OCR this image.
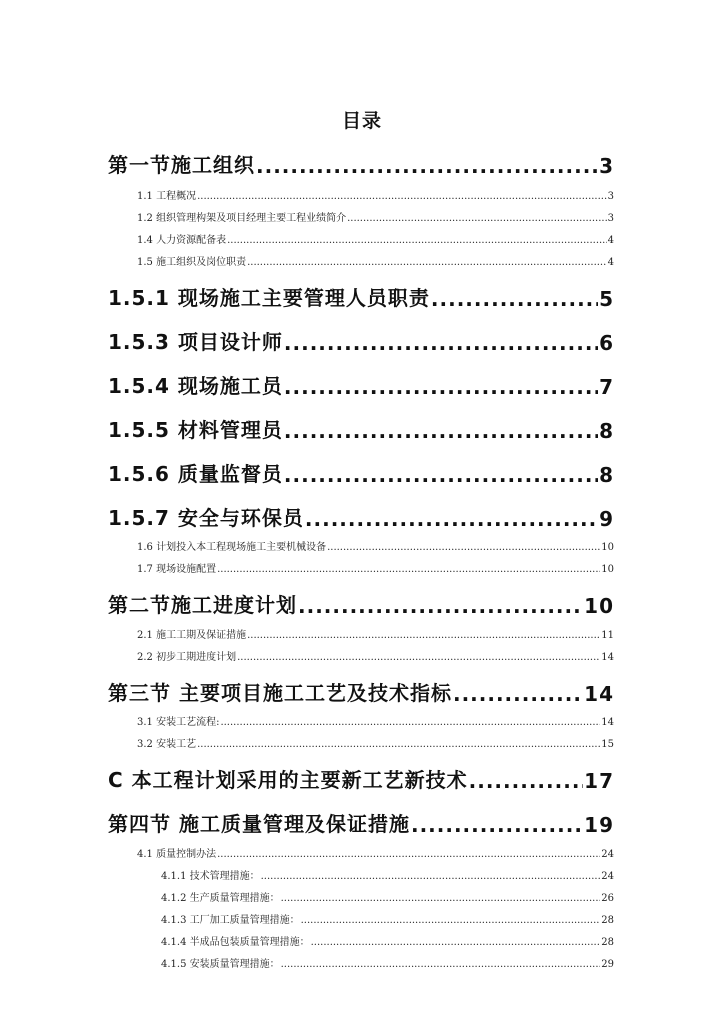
目录
第一节施工组织 .....	3
1.1 工程概况 .....	3
1.2 组织管理构架及项目经理主要工程业绩简介 .....	3
1.4 人力资源配备表 .....	4
1.5 施工组织及岗位职责 .....	4
1.5.1 现场施工主要管理人员职责 .....	5
1.5.3 项目设计师 .....	6
1.5.4 现场施工员 .....	7
1.5.5 材料管理员 .....	8
1.5.6 质量监督员 .....	8
1.5.7 安全与环保员 .....	9
1.6 计划投入本工程现场施工主要机械设备 .....	10
1.7 现场设施配置 .....	10
第二节施工进度计划 .....	10
2.1 施工工期及保证措施 .....	11
2.2 初步工期进度计划 .....	14
第三节 主要项目施工工艺及技术指标 .....	14
3.1 安装工艺流程: .....	14
3.2 安装工艺 .....	15
C 本工程计划采用的主要新工艺新技术 .....	17
第四节 施工质量管理及保证措施 .....	19
4.1 质量控制办法 .....	24
4.1.1 技术管理措施： .....	24
4.1.2 生产质量管理措施： .....	26
4.1.3 工厂加工质量管理措施： .....	28
4.1.4 半成品包装质量管理措施： .....	28
4.1.5 安装质量管理措施： .....	29
